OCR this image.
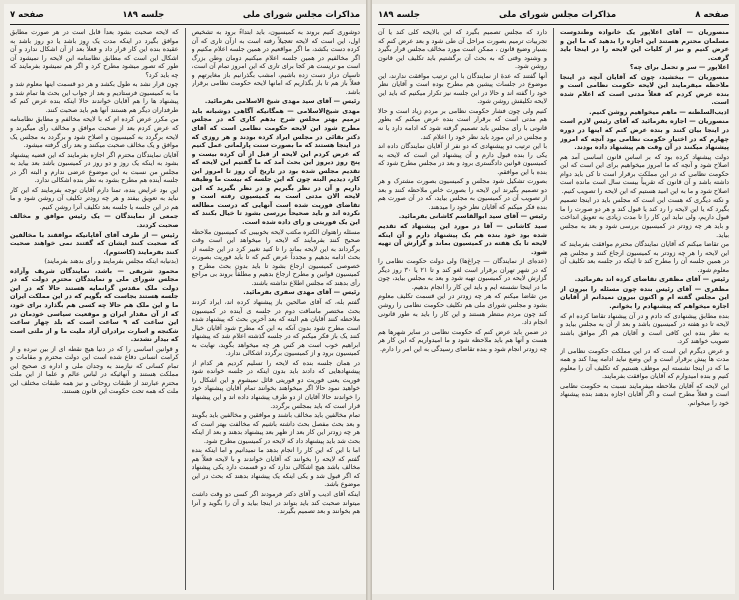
مذاکرات مجلس شورای ملی
جلسه ۱۸۹
صفحه ۷

دوشوری کنیم بروند به کمیسیون، باید ابتداءً برود به تشخیص اول، این است که لایحه تعجیلاً رفته است به ازآن تاری که آن کرده دست بکشد، ما اگر مواقعیم در همین جلسه اعلام مکنیم و اگر مخالفیم در همین جلسه اعلام میکنیم دومان وطن بزرگ است مو تریست هر کجا برای تاری که این امروز تمام آن است، تاسیان دراز دست زده باشیم، امشب بگذرانیم باز مغایرتهم و فعلاً باز هم تا باز بگذاریم که امانها لایحه حکومت نظامی برقرار باشد.

رئیس — آقای سید مهدی شیخ الاسلامی بفرمائید.

مهدی شیخ‌الاسلامی — همگانیکه آگاهی دوشبانه باید ترمیم بهتر مجلس شرح بدهم کاری که در مجلس مطرح شود این لایحه حکومت نظامی است که آقای دکتر بقائی در مجلس ایراد کرده بودند و هر روزی که در اینجا هستند که ما بصورت سنت پارلمانی عمل کنیم که عرض کردم این لایحه از قبل از آن کرده بیست و پنج روز دیروز این بحث آمد که ما گفتیم این لایحه که تقدیم مجلس شده بود در تاریخ آن روز تا امروز این کار، دیدیم البته چون که این جلسه که بیست ما وظیفه داریم و آن در نظر بگیریم و در نظر بگیرید که این لایحه الان مدتی است به کمیسیون رفته است و تقاضای فوریت شده است آنهایی که درست مطالعه نکرده اند و باید صحیحاً بررسی بشود تا خیال بکنند که این یک فوریتی و رای داده شده است.

مسئله راهتوان الکتره مکتب لایحه بخوبیبی که کمیسیون ملاحظه صحیح کنند بفرمایند که لایحه را میخواهد این است وقت برگرداند به این لایحه بماند را تا کنید تغییر کرد در این جلسه از بحث ادامه بدهیم و مجدداً عرض کنم که تا باید فوریت بصورت خصوصی کمیسیون ارجاع بشود تا باید بدون بحث مطرح و کمیسیون قوانین و مطرح ارجاع بدهیم و مطلقاً بروند بی مراجع رأی بدهند که مجلس اطلاع نداشته باشند.

رئیس — آقای مهدی سفری بفرمائید.

گفتم بله، که آقای صالحین باز پیشنهاد کرده اند، ایراد کردند بحث مختصر ماسافت دوم در جلسه ی آینده در کمیسیون ملاحظه کنند آقایان هم البته که بعد آخرین بحث که پیشنهاد شده است مطرح شود بدون آنکه به این که مطرح شود آقایان خیال کنند یک باز فکر میکنم که در جلسه گذشته اعلام شد که پیشنهاد ابراهیم خوب است هر کس هر چه میخواهد بگوید، نهایت به کمیسیون برود و از کمیسیون برگردد اشکالی ندارد.

در همان جلسه بنده که لایحه را تسلیم کردیم هر کدام از پیشنهادهایی که دادند باید بدون اینکه در جلسه خوانده شود فوریت یعنی فوریت دو فوریتی قائل نمیشوم و این اشکال را خواهید نمود حالا اگر میخواهند بخوانند تمام آقایان پیشنهاد خود را خواندند حالا آقایان از دو طرف پیشنهاد داده اند و این پیشنهاد قرار است که باید بمجلس برگردد.

تمام مخالفین باید مخالف باشند و موافقین و مخالفین باید بگویند و بعد بحث مفصل بحث داشته باشیم که مخالفت بهتر است که هر چه زودتر این کار بعد از ظهر بعد پیشنهاد بدهند و بعد از اینکه بحث شد باید پیشنهاد داد که لایحه در کمیسیون مطرح شود.

اما با این که این کار را انجام بدهد ما نمیدانیم و اما اینکه بنده گفتم که لایحه را بخوانند که آقایان خواندند و با لایحه فعلاً هم مخالف باشد هیچ اشکالی ندارد که دو قسمت دارد یکی پیشنهاد که اگر قبول شد و یکی اینکه یک پیشنهاد بدهند که بحث در این موضوع باشد.

اینکه آقای ادیب و آقای دکتر فرمودند اگر کسی دو وقت داشت میتواند صحبت کند باید بتواند در اینجا بیاید و آن را بگوید و آنرا هم بخوانند و بعد تصمیم بگیرند.

که لایحه صحبت بشود بعداً قابل است در هر صورت مطابق موافق بگیرد در اینکه مدت یک روز باشد یا دو روز باشد به عقیده بنده این کار قرار داد و فعلاً بعد از آن اشکال ندارد و آن اشکال این است که مطابق نظامنامه این لایحه را نمیشود آن طور که تصور میشود مطرح کرد و اگر هم نمیشود بفرمایند که چه باید کرد؟

چون قرار نشد به طول بکشد و هر دو قسمت اینها معلوم شد و ما به کمیسیون فرستادیم و بعد از جواب این بحث ها تمام شد و پیشنهاد ها را هم آقایان خواندند حالا اینکه بنده عرض کنم که طرفداران دیگر هم هستند آنها هم باید صحبت کنند.

من مکرر عرض کرده ام که با لایحه مخالفم و مطابق نظامنامه که عرض کردم بعد از صحبت موافق و مخالف رأی میگیرند و لایحه برگردد به کمیسیون و اصلاح شود و برگردد به مجلس یک موافق و یک مخالف صحبت میکنند و بعد رأی گرفته میشود.

آقایان نمایندگان محترم اگر اجازه بفرمایند که این قضیه پیشنهاد بشود به اینکه یک روز و دو روز در کمیسیون باشد بعد بیاید به مجلس من نسبت به این موضوع عرضی ندارم و البته اگر در جلسه آینده هم مطرح بشود به نظر بنده اشکالی ندارد.

این بود عرایض بنده، تمنا دارم آقایان توجه بفرمایند که این کار نباید به تعویق بیفتد و هر چه زودتر تکلیف آن روشن شود و ما هم در این جلسه یا جلسه بعد تکلیف آنرا روشن کنیم.

جمعی از نمایندگان — یک رئیس موافق و مخالف صحبت کردند.

رئیس — از طرف آقای آقایانیکه موافقند با مخالفین که صحبت کنند ایشان که گفتند نمی خواهند صحبت کنند بفرمایند (کاستوم).

(بدنیابه اینکه مجلس بفرمایند و رأی بدهند بفرمایند)

محمود شریفی — باشد، نمایندگان شریف وآزاده مجلس شورای ملی و نمایندگان محترم دولت که در دولت ملک مقدس گرانمایه هستند حالا که در این جلسه هستند بجاست که بگویم که در این مملکت ایران ما و این ملک هم حالا چه کسی هم بگذارد برای خود، که از آن مقدار ایران و موقعیت سیاسی خودمان در این ساعت که ۹ ساعت است که بلد چهار ساعت شکنجه و اسارت برادران آزاد ملیت ما و از ملتی است که بیدار نشدند.

و قوانین اساسی را که در دنیا هیچ نقطه ای از بین نبرده و از کرامت انسانی دفاع شده است این دولت محترم و مقامات و تمام کسانی که نیازمند به وجدان ملی و اداره ی صحیح این مملکت هستند و آنهائیکه در لباس عالم و علما از این ملت محترم عبارتند از طبقات روحانی و نیز همه طبقات مختلف این ملت که همه تحت حکومت این قانون هستند.

صفحه ۸
مذاکرات مجلس شورای ملی
جلسه ۱۸۹

منصوریان — آقای اعلاپور یک خانواده وطندوست مسلمان محترم هستند این اجازه را بدهید که ما این و عرض کنیم و نیز از کلیات این لایحه را در اینجا باید گرفت.

اعلاپور — سر و تحمل برای چه؟

منصوریان — ببخشید، چون که آقایان آنچه در اینجا ملاحظه میفرمایند این لایحه حکومت نظامی است و بنده عرض کردم که فعلاً مدتی است که اعلام شده است.

ادیب‌السلطنه — ماهم میخواهیم روشن کنیم.

منصوریان — اجازه بفرمائید که آقای رئیس لازم است در اینجا بیان کنند و بنده عرض کنم که اینها در دوره چهارم که در اختیار حکومت نظامی بود آنچه که امروز پیشنهاد میکنند در آن وقت هم پیشنهاد داده بودند.

دولت پیشنهاد کرده بود که بر اساس قانون اساسی آمد هم اصلاح شود و آنچه که ما امروز میخواهیم برای این است که این حکومت نظامی که در این مملکت برقرار است تا کی باید دوام داشته باشد و آن قانون که تقریباً بیست سال است مانده است اصلاح شود و ما به این امید هستیم که این لایحه را تصویب کنیم.

و نکته دیگری که هست این است که مجلس باید در اینجا تصمیم بگیرد که یا این لایحه را رد کند یا قبول کند و هر دو صورت را ما قبول داریم، ولی نباید این کار را تا مدت زیادی به تعویق انداخت و باید هر چه زودتر در کمیسیون بررسی شود و بعد به مجلس بیاید.

من تقاضا میکنم که آقایان نمایندگان محترم موافقت بفرمایند که این لایحه را هر چه زودتر به کمیسیون ارجاع کنند و مجلس هم در همین جلسه آن را مطرح کند تا اینکه در جلسه بعد تکلیف آن معلوم شود.

رئیس — آقای مظفری تقاضای کرده اند بفرمائید.

مظفری — آقای رئیس بنده چون مسئله را بیرون از این مجلس گفته ام و اکنون بیرون نمیدانم از آقایان اجازه میخواهم که پیشنهادم را بخوانم.

بنده مطابق پیشنهادی که دادم و در آن پیشنهاد تقاضا کرده ام که لایحه تا دو هفته در کمیسیون باشد و بعد از آن به مجلس بیاید و به نظر بنده این کافی است و آقایان هم اگر موافق باشند تصویب خواهند کرد.

و عرض دیگرم این است که در این مملکت حکومت نظامی از مدت ها پیش برقرار است و این وضع نباید ادامه پیدا کند و همه ما که در اینجا نشسته ایم موظف هستیم که تکلیف آن را معلوم کنیم و بنده امیدوارم که آقایان موافقت بفرمایند.

این لایحه که آقایان ملاحظه میفرمایند نسبت به حکومت نظامی است و فعلاً مطرح است و اگر آقایان اجازه بدهند بنده پیشنهاد خود را میخوانم.

دارد که مجلس تصمیم بگیرد که این بالایحه کلی کند یا آن تجربیات ترمیم بصورت مراحل آن طی شود و بعد عرض کنم که بسیار وضیع قانون ، ممکن است مورد مخالف مجلس قرار بگیرد و وشنود وقتی که به بحث آن برگشتیم باید تکلیف این قانون روشن شود.

آنها گفتند که عدهٔ از نمایندگان با این ترتیب موافقت ندارند، این موضوع در جلسات پیشین هم مطرح بوده است و آقایان نظر خود را گفته اند و حالا در این جلسه نیز تکرار میکنیم که باید این لایحه تکلیفش روشن شود.

کنیم ولی چون فشار حکومت نظامی بر مردم زیاد است و حالا هم مدتی است که برقرار است بنده عرض میکنم که بطور قانونی با رأی مجلس باید تصمیم گرفته شود که ادامه دارد یا نه و مجلس در این مورد باید نظر خود را اعلام کند.

با این ترتیب دو پیشنهادی که دو نفر از آقایان نمایندگان داده اند یکی را بنده قبول دارم و آن پیشنهاد این است که لایحه به کمیسیون قوانین دادگستری برود و بعد در مجلس مطرح شود که بنده با این موافقم.

بصورت تشکیل شود مجلس و کمیسیون بصورت مشترک و هر دو تصمیم بگیرند این لایحه را بصورت خاص ملاحظه کنند و بعد از تصویب آن در کمیسیون به مجلس بیاید، که در آن صورت هم بنده فکر میکنم که آقایان نظر خود را میدهند.

رئیس — آقای سید ابوالقاسم کاشانی بفرمائید.

سید کاشانی — آقا در مورد این پیشنهاد که تقدیم شده بود خود بنده هم یک پیشنهاد دارم و آن اینکه لایحه تا یک هفته در کمیسیون بماند و گزارش آن تهیه شود.

(عده‌ای از نمایندگان — چراغ‌ها) ولی دولت حکومت نظامی را که در شهر تهران برقرار است لغو کند و تا ۲۱ یا ۳۰ روز دیگر گزارش لایحه در کمیسیون تهیه شود و بعد به مجلس بیاید، چون ما در اینجا نشسته ایم و باید این کار را انجام بدهیم.

من تقاضا میکنم که هر چه زودتر در این قسمت تکلیف معلوم بشود و مجلس شورای ملی هم تکلیف حکومت نظامی را روشن کند چون مردم منتظر هستند و این کار را باید به طور قانونی انجام داد.

در ضمن باید عرض کنم که حکومت نظامی در سایر شهرها هم هست و آنها هم باید ملاحظه شود و ما امیدواریم که این کار هر چه زودتر انجام شود و بنده تقاضای رسیدگی به این امر را دارم.
